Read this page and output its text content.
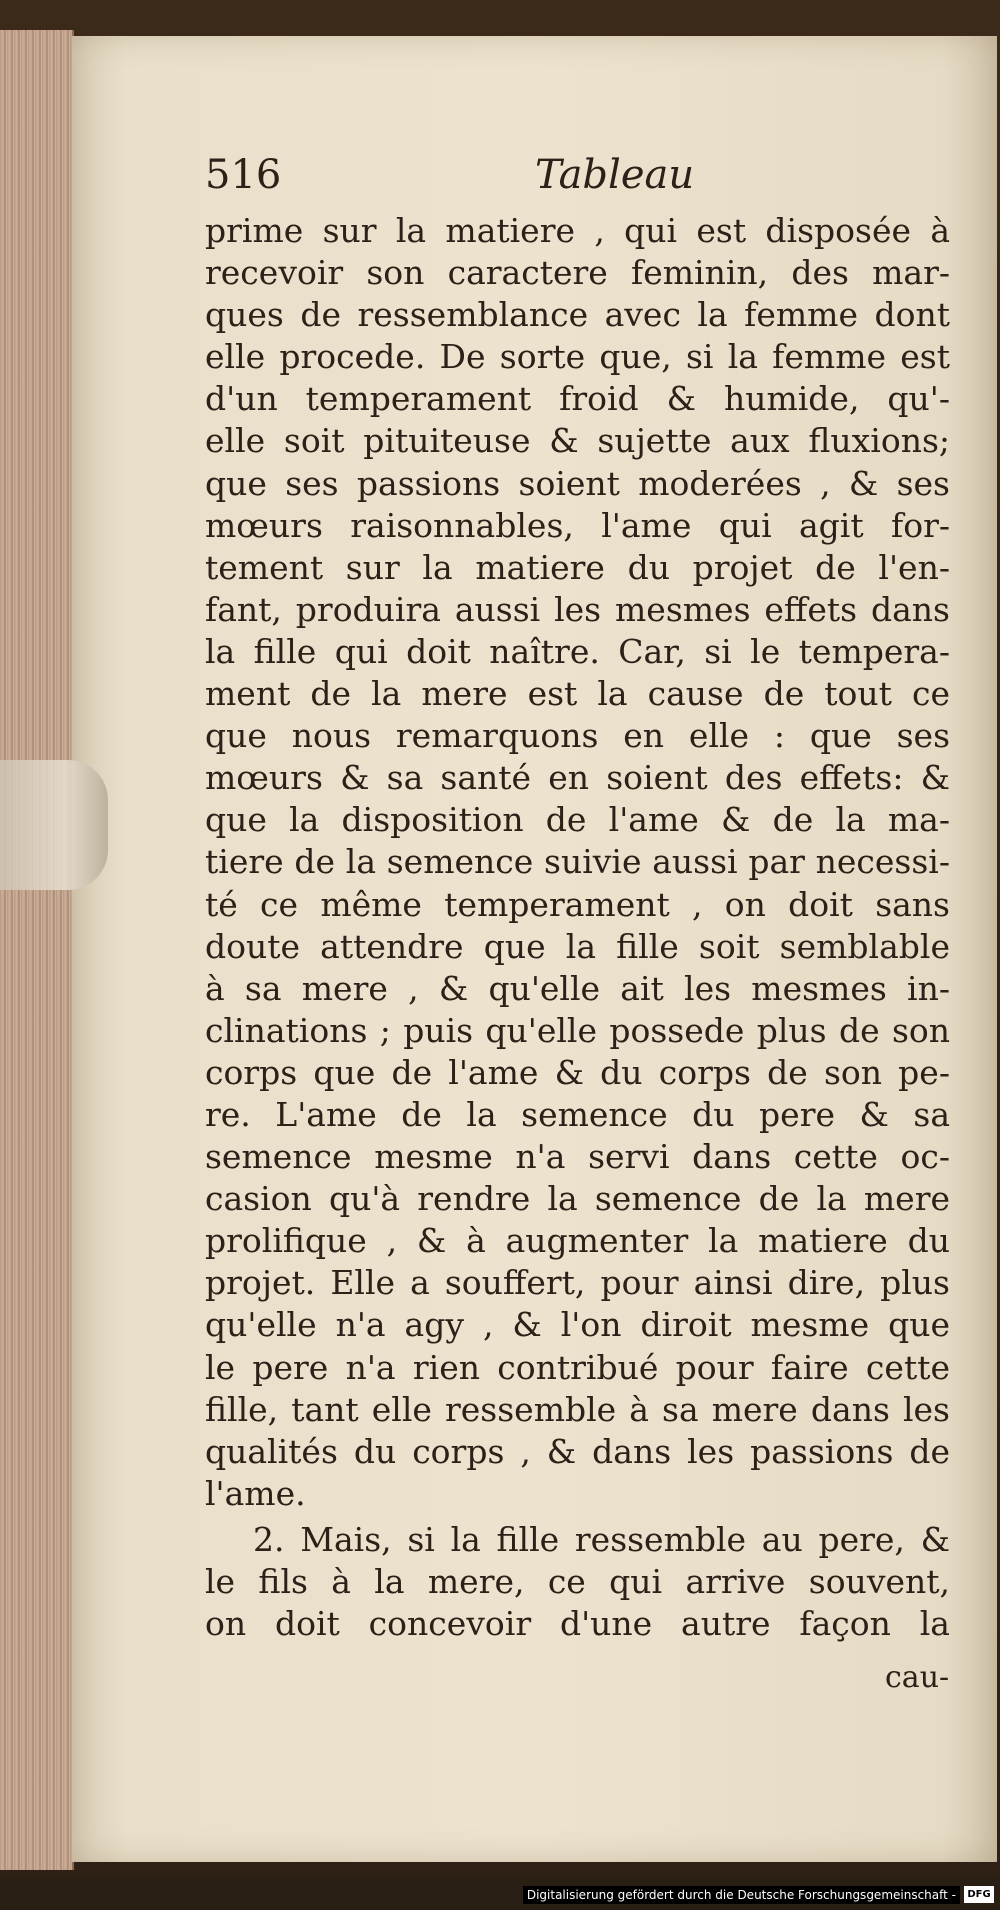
516	Tableau
prime sur la matiere , qui est disposée à
recevoir son caractere feminin, des mar-
ques de ressemblance avec la femme dont
elle procede. De sorte que, si la femme est
d'un temperament froid & humide, qu'-
elle soit pituiteuse & sujette aux fluxions;
que ses passions soient moderées , & ses
mœurs raisonnables, l'ame qui agit for-
tement sur la matiere du projet de l'en-
fant, produira aussi les mesmes effets dans
la fille qui doit naître. Car, si le tempera-
ment de la mere est la cause de tout ce
que nous remarquons en elle : que ses
mœurs & sa santé en soient des effets: &
que la disposition de l'ame & de la ma-
tiere de la semence suivie aussi par necessi-
té ce même temperament , on doit sans
doute attendre que la fille soit semblable
à sa mere , & qu'elle ait les mesmes in-
clinations ; puis qu'elle possede plus de son
corps que de l'ame & du corps de son pe-
re. L'ame de la semence du pere & sa
semence mesme n'a servi dans cette oc-
casion qu'à rendre la semence de la mere
prolifique , & à augmenter la matiere du
projet. Elle a souffert, pour ainsi dire, plus
qu'elle n'a agy , & l'on diroit mesme que
le pere n'a rien contribué pour faire cette
fille, tant elle ressemble à sa mere dans les
qualités du corps , & dans les passions de
l'ame.
2. Mais, si la fille ressemble au pere, &
le fils à la mere, ce qui arrive souvent,
on doit concevoir d'une autre façon la
cau-
Digitalisierung gefördert durch die Deutsche Forschungsgemeinschaft -	DFG
